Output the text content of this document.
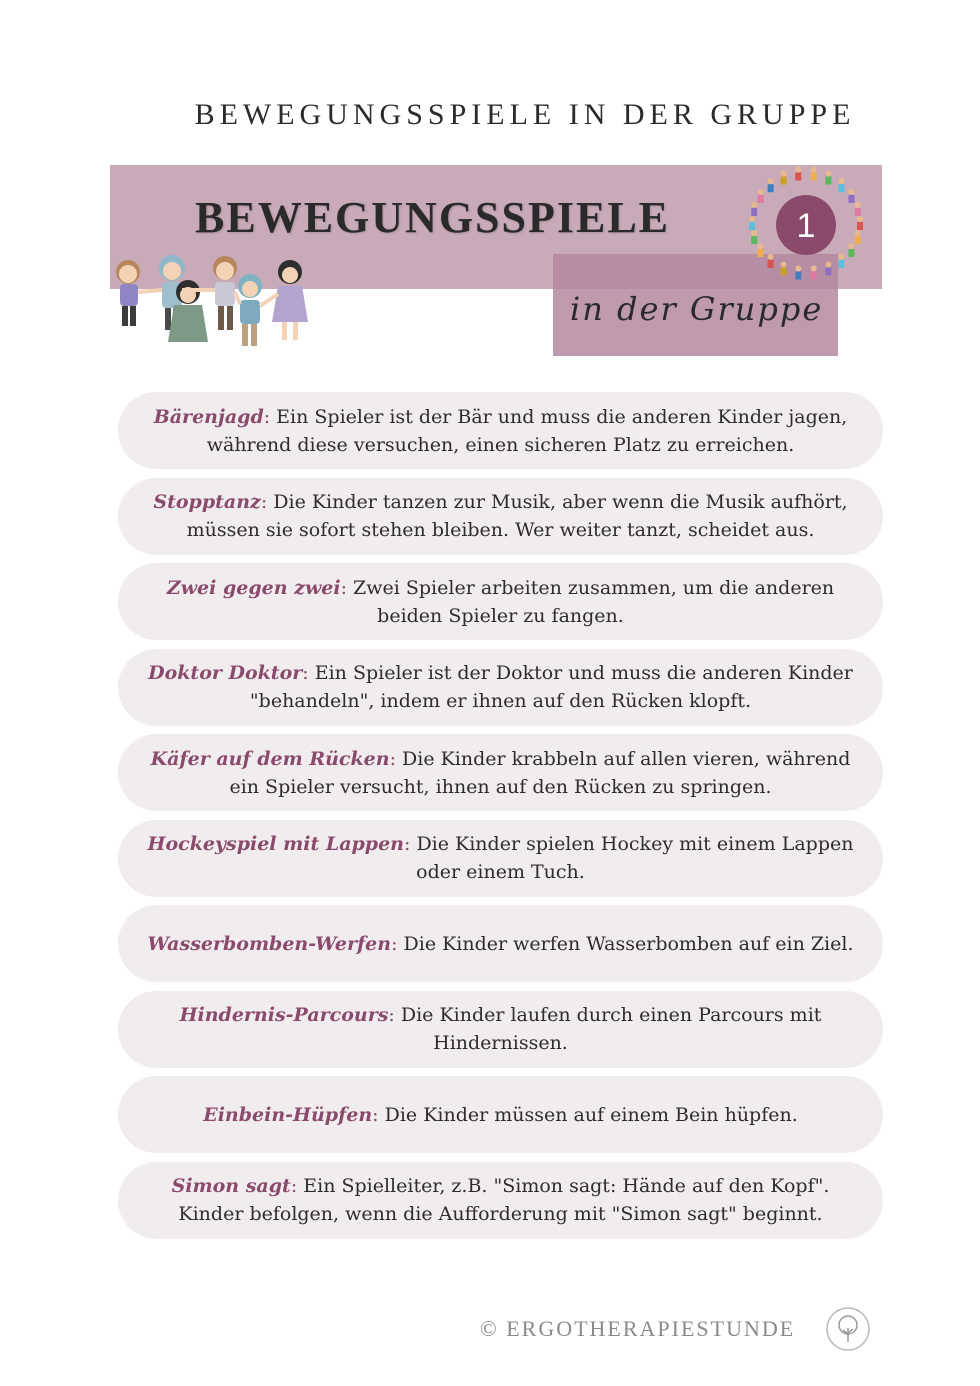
BEWEGUNGSSPIELE IN DER GRUPPE
BEWEGUNGSSPIELE
in der Gruppe
1

Bärenjagd: Ein Spieler ist der Bär und muss die anderen Kinder jagen, während diese versuchen, einen sicheren Platz zu erreichen.

Stopptanz: Die Kinder tanzen zur Musik, aber wenn die Musik aufhört, müssen sie sofort stehen bleiben. Wer weiter tanzt, scheidet aus.

Zwei gegen zwei: Zwei Spieler arbeiten zusammen, um die anderen beiden Spieler zu fangen.

Doktor Doktor: Ein Spieler ist der Doktor und muss die anderen Kinder "behandeln", indem er ihnen auf den Rücken klopft.

Käfer auf dem Rücken: Die Kinder krabbeln auf allen vieren, während ein Spieler versucht, ihnen auf den Rücken zu springen.

Hockeyspiel mit Lappen: Die Kinder spielen Hockey mit einem Lappen oder einem Tuch.

Wasserbomben-Werfen: Die Kinder werfen Wasserbomben auf ein Ziel.

Hindernis-Parcours: Die Kinder laufen durch einen Parcours mit Hindernissen.

Einbein-Hüpfen: Die Kinder müssen auf einem Bein hüpfen.

Simon sagt: Ein Spielleiter, z.B. "Simon sagt: Hände auf den Kopf". Kinder befolgen, wenn die Aufforderung mit "Simon sagt" beginnt.

© ERGOTHERAPIESTUNDE
